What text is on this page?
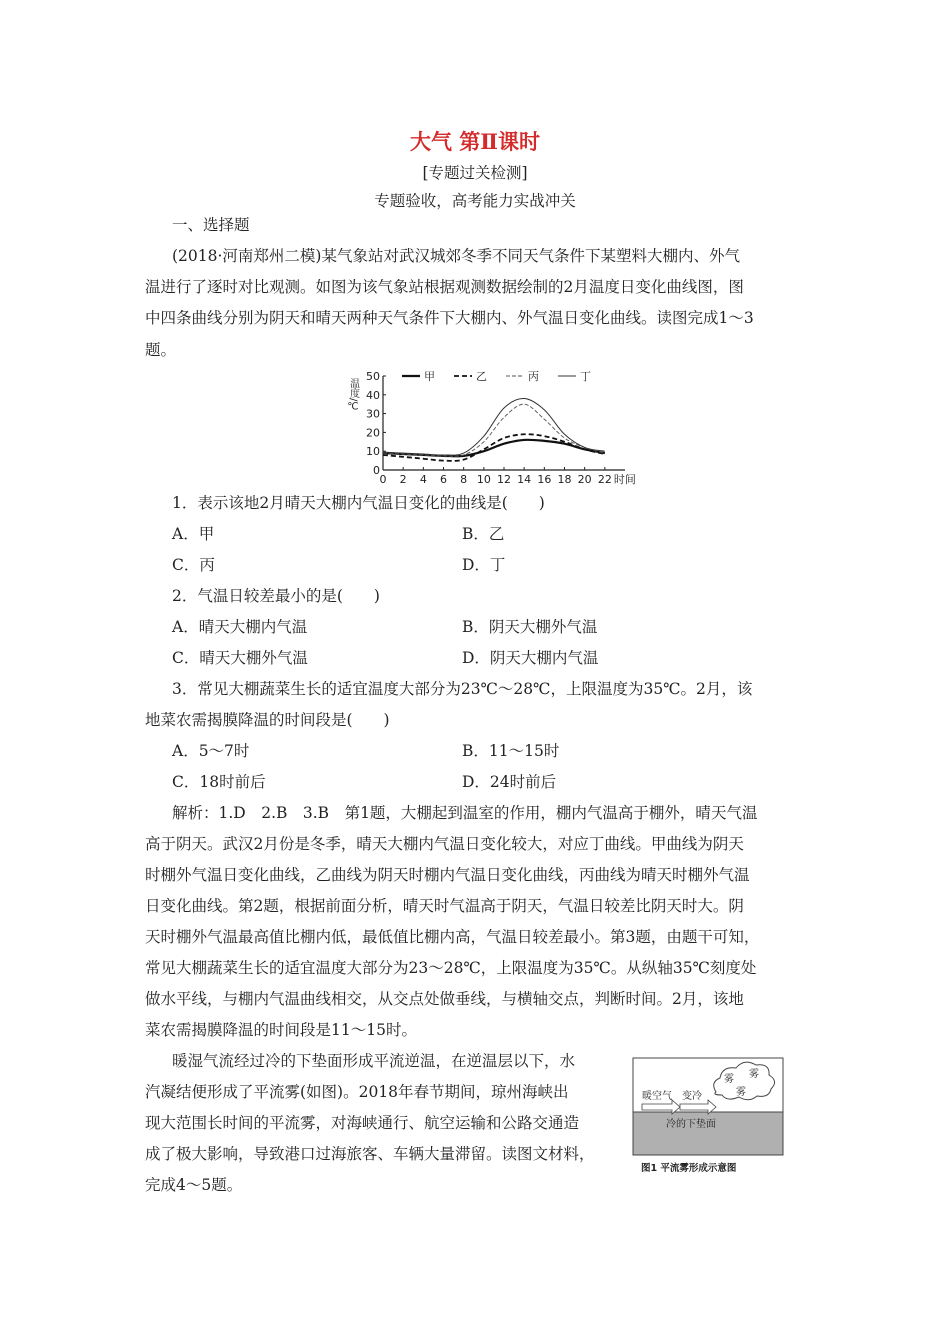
大气 第Ⅱ课时
[专题过关检测]
专题验收，高考能力实战冲关
一、选择题
(2018·河南郑州二模)某气象站对武汉城郊冬季不同天气条件下某塑料大棚内、外气
温进行了逐时对比观测。如图为该气象站根据观测数据绘制的2月温度日变化曲线图，图
中四条曲线分别为阴天和晴天两种天气条件下大棚内、外气温日变化曲线。读图完成1～3
题。
0
10
20
30
40
50
0 2 4 6 8 10 12 14 16 18 20 22 时间
温度/℃
甲	乙	丙	丁
1．表示该地2月晴天大棚内气温日变化的曲线是(　　)
A．甲	B．乙
C．丙	D．丁
2．气温日较差最小的是(　　)
A．晴天大棚内气温	B．阴天大棚外气温
C．晴天大棚外气温	D．阴天大棚内气温
3．常见大棚蔬菜生长的适宜温度大部分为23℃～28℃，上限温度为35℃。2月，该
地菜农需揭膜降温的时间段是(　　)
A．5～7时	B．11～15时
C．18时前后	D．24时前后
解析：1.D　2.B　3.B　第1题，大棚起到温室的作用，棚内气温高于棚外，晴天气温
高于阴天。武汉2月份是冬季，晴天大棚内气温日变化较大，对应丁曲线。甲曲线为阴天
时棚外气温日变化曲线，乙曲线为阴天时棚内气温日变化曲线，丙曲线为晴天时棚外气温
日变化曲线。第2题，根据前面分析，晴天时气温高于阴天，气温日较差比阴天时大。阴
天时棚外气温最高值比棚内低，最低值比棚内高，气温日较差最小。第3题，由题干可知，
常见大棚蔬菜生长的适宜温度大部分为23～28℃，上限温度为35℃。从纵轴35℃刻度处
做水平线，与棚内气温曲线相交，从交点处做垂线，与横轴交点，判断时间。2月，该地
菜农需揭膜降温的时间段是11～15时。
暖湿气流经过冷的下垫面形成平流逆温，在逆温层以下，水
汽凝结便形成了平流雾(如图)。2018年春节期间，琼州海峡出
现大范围长时间的平流雾，对海峡通行、航空运输和公路交通造
成了极大影响，导致港口过海旅客、车辆大量滞留。读图文材料，
完成4～5题。
暖空气 变冷
雾 雾
雾
冷的下垫面
图1 平流雾形成示意图
